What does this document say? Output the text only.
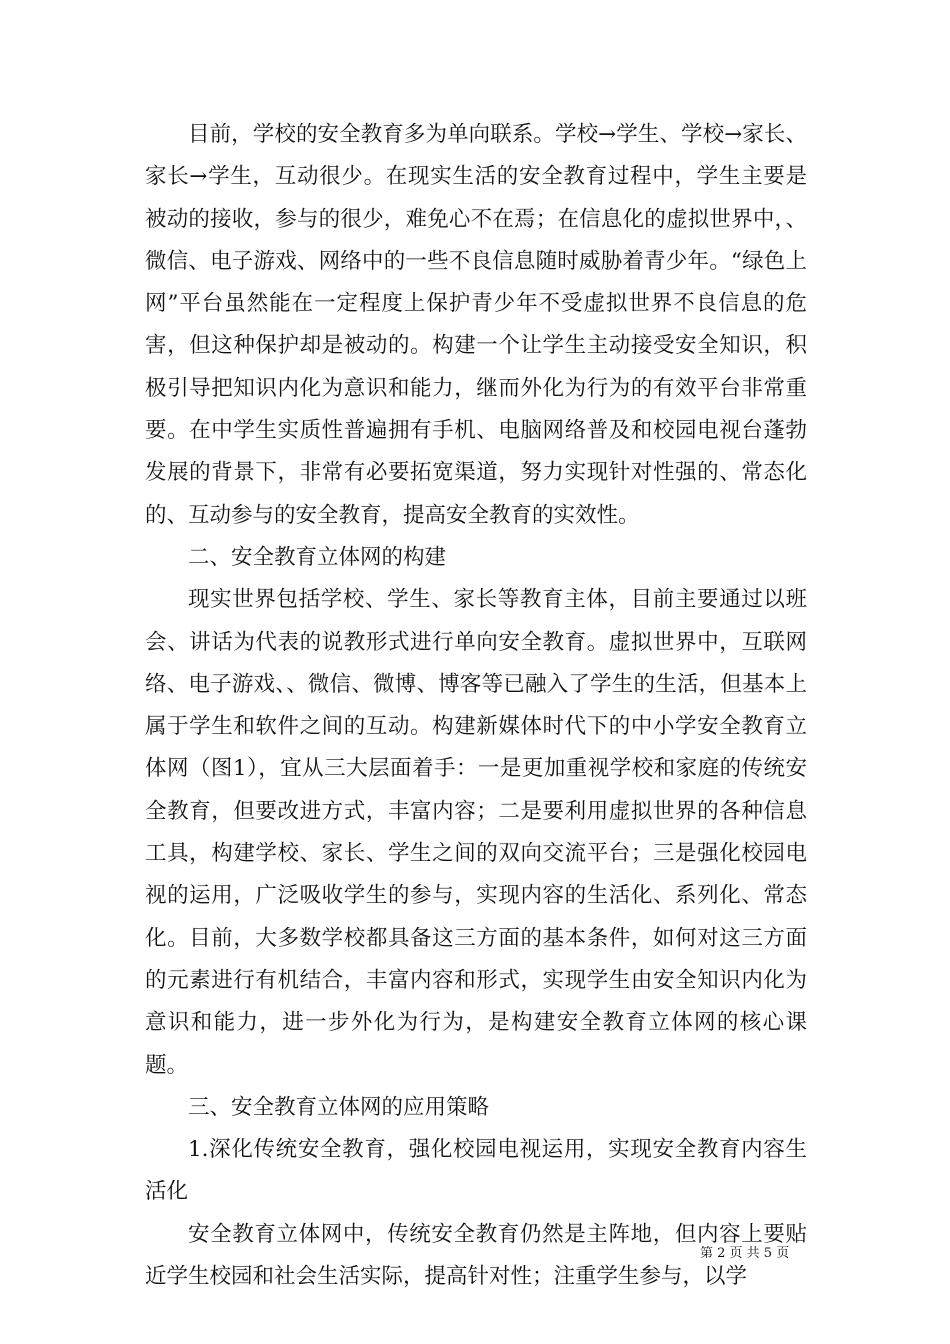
目前，学校的安全教育多为单向联系。学校→学生、学校→家长、家长→学生，互动很少。在现实生活的安全教育过程中，学生主要是被动的接收，参与的很少，难免心不在焉；在信息化的虚拟世界中，、微信、电子游戏、网络中的一些不良信息随时威胁着青少年。“绿色上网”平台虽然能在一定程度上保护青少年不受虚拟世界不良信息的危害，但这种保护却是被动的。构建一个让学生主动接受安全知识，积极引导把知识内化为意识和能力，继而外化为行为的有效平台非常重要。在中学生实质性普遍拥有手机、电脑网络普及和校园电视台蓬勃发展的背景下，非常有必要拓宽渠道，努力实现针对性强的、常态化的、互动参与的安全教育，提高安全教育的实效性。

二、安全教育立体网的构建

现实世界包括学校、学生、家长等教育主体，目前主要通过以班会、讲话为代表的说教形式进行单向安全教育。虚拟世界中，互联网络、电子游戏、、微信、微博、博客等已融入了学生的生活，但基本上属于学生和软件之间的互动。构建新媒体时代下的中小学安全教育立体网（图1），宜从三大层面着手：一是更加重视学校和家庭的传统安全教育，但要改进方式，丰富内容；二是要利用虚拟世界的各种信息工具，构建学校、家长、学生之间的双向交流平台；三是强化校园电视的运用，广泛吸收学生的参与，实现内容的生活化、系列化、常态化。目前，大多数学校都具备这三方面的基本条件，如何对这三方面的元素进行有机结合，丰富内容和形式，实现学生由安全知识内化为意识和能力，进一步外化为行为，是构建安全教育立体网的核心课题。

三、安全教育立体网的应用策略

1.深化传统安全教育，强化校园电视运用，实现安全教育内容生活化

安全教育立体网中，传统安全教育仍然是主阵地，但内容上要贴近学生校园和社会生活实际，提高针对性；注重学生参与，以学

第 2 页 共 5 页
